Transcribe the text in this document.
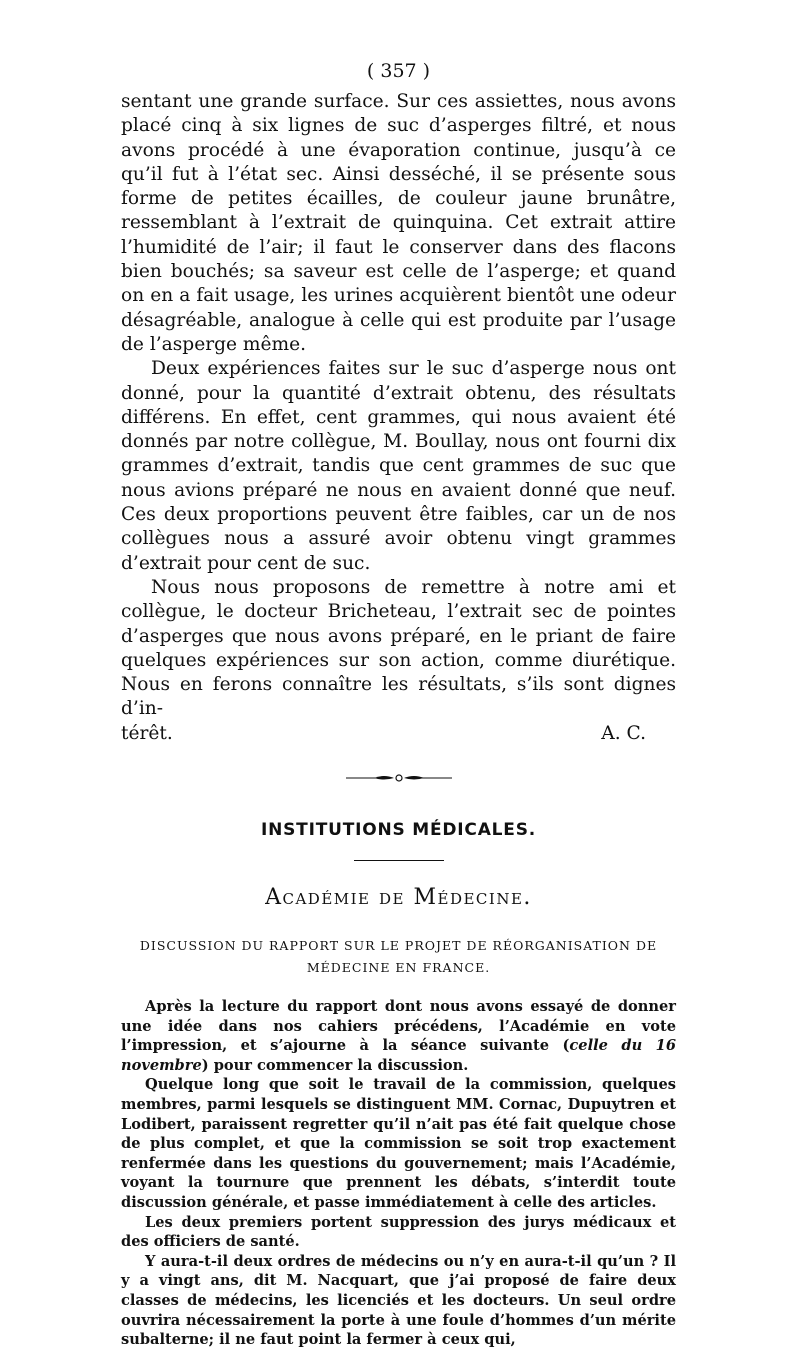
( 357 )

sentant une grande surface. Sur ces assiettes, nous avons placé cinq à six lignes de suc d’asperges filtré, et nous avons procédé à une évaporation continue, jusqu’à ce qu’il fut à l’état sec. Ainsi desséché, il se présente sous forme de petites écailles, de couleur jaune brunâtre, ressemblant à l’extrait de quinquina. Cet extrait attire l’humidité de l’air; il faut le conserver dans des flacons bien bouchés; sa saveur est celle de l’asperge; et quand on en a fait usage, les urines acquièrent bientôt une odeur désagréable, analogue à celle qui est produite par l’usage de l’asperge même.

Deux expériences faites sur le suc d’asperge nous ont donné, pour la quantité d’extrait obtenu, des résultats différens. En effet, cent grammes, qui nous avaient été donnés par notre collègue, M. Boullay, nous ont fourni dix grammes d’extrait, tandis que cent grammes de suc que nous avions préparé ne nous en avaient donné que neuf. Ces deux proportions peuvent être faibles, car un de nos collègues nous a assuré avoir obtenu vingt grammes d’extrait pour cent de suc.

Nous nous proposons de remettre à notre ami et collègue, le docteur Bricheteau, l’extrait sec de pointes d’asperges que nous avons préparé, en le priant de faire quelques expériences sur son action, comme diurétique. Nous en ferons connaître les résultats, s’ils sont dignes d’in-

térêt.	A. C.
INSTITUTIONS MÉDICALES.
Académie de Médecine.
DISCUSSION DU RAPPORT SUR LE PROJET DE RÉORGANISATION DE
MÉDECINE EN FRANCE.

Après la lecture du rapport dont nous avons essayé de donner une idée dans nos cahiers précédens, l’Académie en vote l’impression, et s’ajourne à la séance suivante (celle du 16 novembre) pour commencer la discussion.

Quelque long que soit le travail de la commission, quelques membres, parmi lesquels se distinguent MM. Cornac, Dupuytren et Lodibert, paraissent regretter qu’il n’ait pas été fait quelque chose de plus complet, et que la commission se soit trop exactement renfermée dans les questions du gouvernement; mais l’Académie, voyant la tournure que prennent les débats, s’interdit toute discussion générale, et passe immédiatement à celle des articles.

Les deux premiers portent suppression des jurys médicaux et des officiers de santé.

Y aura-t-il deux ordres de médecins ou n’y en aura-t-il qu’un ? Il y a vingt ans, dit M. Nacquart, que j’ai proposé de faire deux classes de médecins, les licenciés et les docteurs. Un seul ordre ouvrira nécessairement la porte à une foule d’hommes d’un mérite subalterne; il ne faut point la fermer à ceux qui,
